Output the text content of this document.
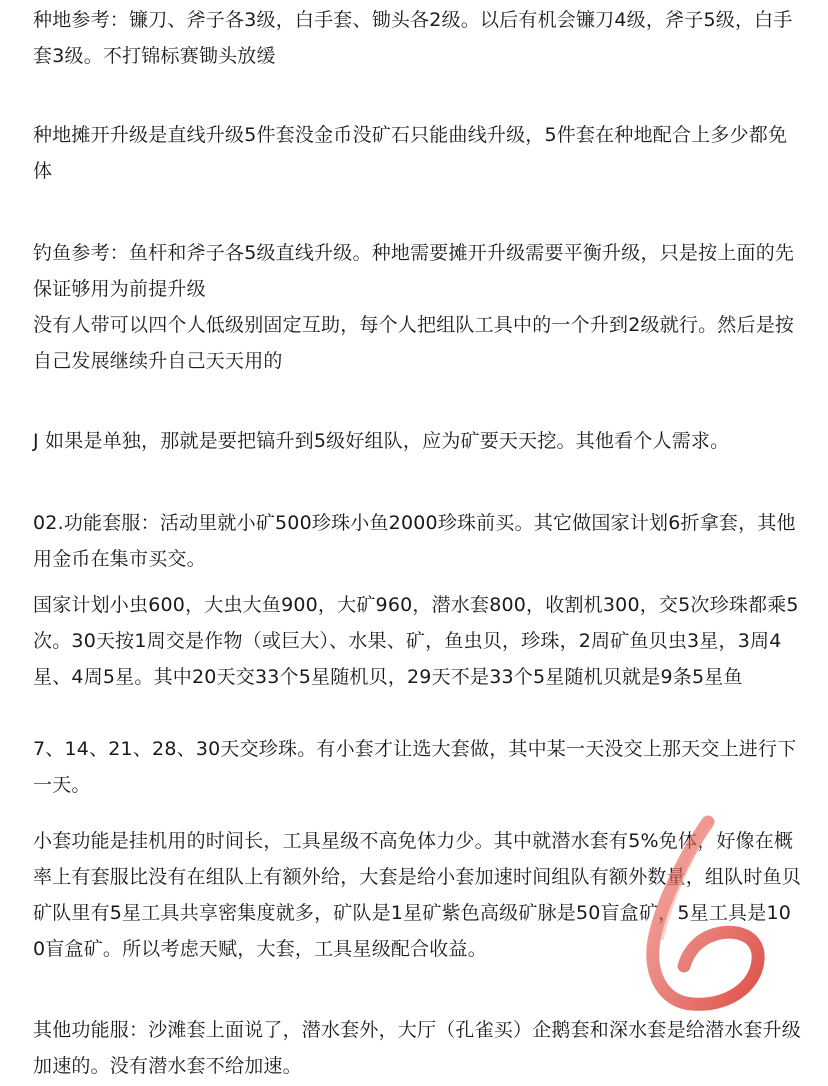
种地参考：镰刀、斧子各3级，白手套、锄头各2级。以后有机会镰刀4级，斧子5级，白手套3级。不打锦标赛锄头放缓

种地摊开升级是直线升级5件套没金币没矿石只能曲线升级，5件套在种地配合上多少都免体

钓鱼参考：鱼杆和斧子各5级直线升级。种地需要摊开升级需要平衡升级，只是按上面的先保证够用为前提升级

没有人带可以四个人低级别固定互助，每个人把组队工具中的一个升到2级就行。然后是按自己发展继续升自己天天用的

J 如果是单独，那就是要把镐升到5级好组队，应为矿要天天挖。其他看个人需求。

02.功能套服：活动里就小矿500珍珠小鱼2000珍珠前买。其它做国家计划6折拿套，其他用金币在集市买交。

国家计划小虫600，大虫大鱼900，大矿960，潜水套800，收割机300，交5次珍珠都乘5次。30天按1周交是作物（或巨大）、水果、矿，鱼虫贝，珍珠，2周矿鱼贝虫3星，3周4星、4周5星。其中20天交33个5星随机贝，29天不是33个5星随机贝就是9条5星鱼

7、14、21、28、30天交珍珠。有小套才让选大套做，其中某一天没交上那天交上进行下一天。

小套功能是挂机用的时间长，工具星级不高免体力少。其中就潜水套有5%免体，好像在概率上有套服比没有在组队上有额外给，大套是给小套加速时间组队有额外数量，组队时鱼贝矿队里有5星工具共享密集度就多，矿队是1星矿紫色高级矿脉是50盲盒矿，5星工具是100盲盒矿。所以考虑天赋，大套，工具星级配合收益。

其他功能服：沙滩套上面说了，潜水套外，大厅（孔雀买）企鹅套和深水套是给潜水套升级加速的。没有潜水套不给加速。
